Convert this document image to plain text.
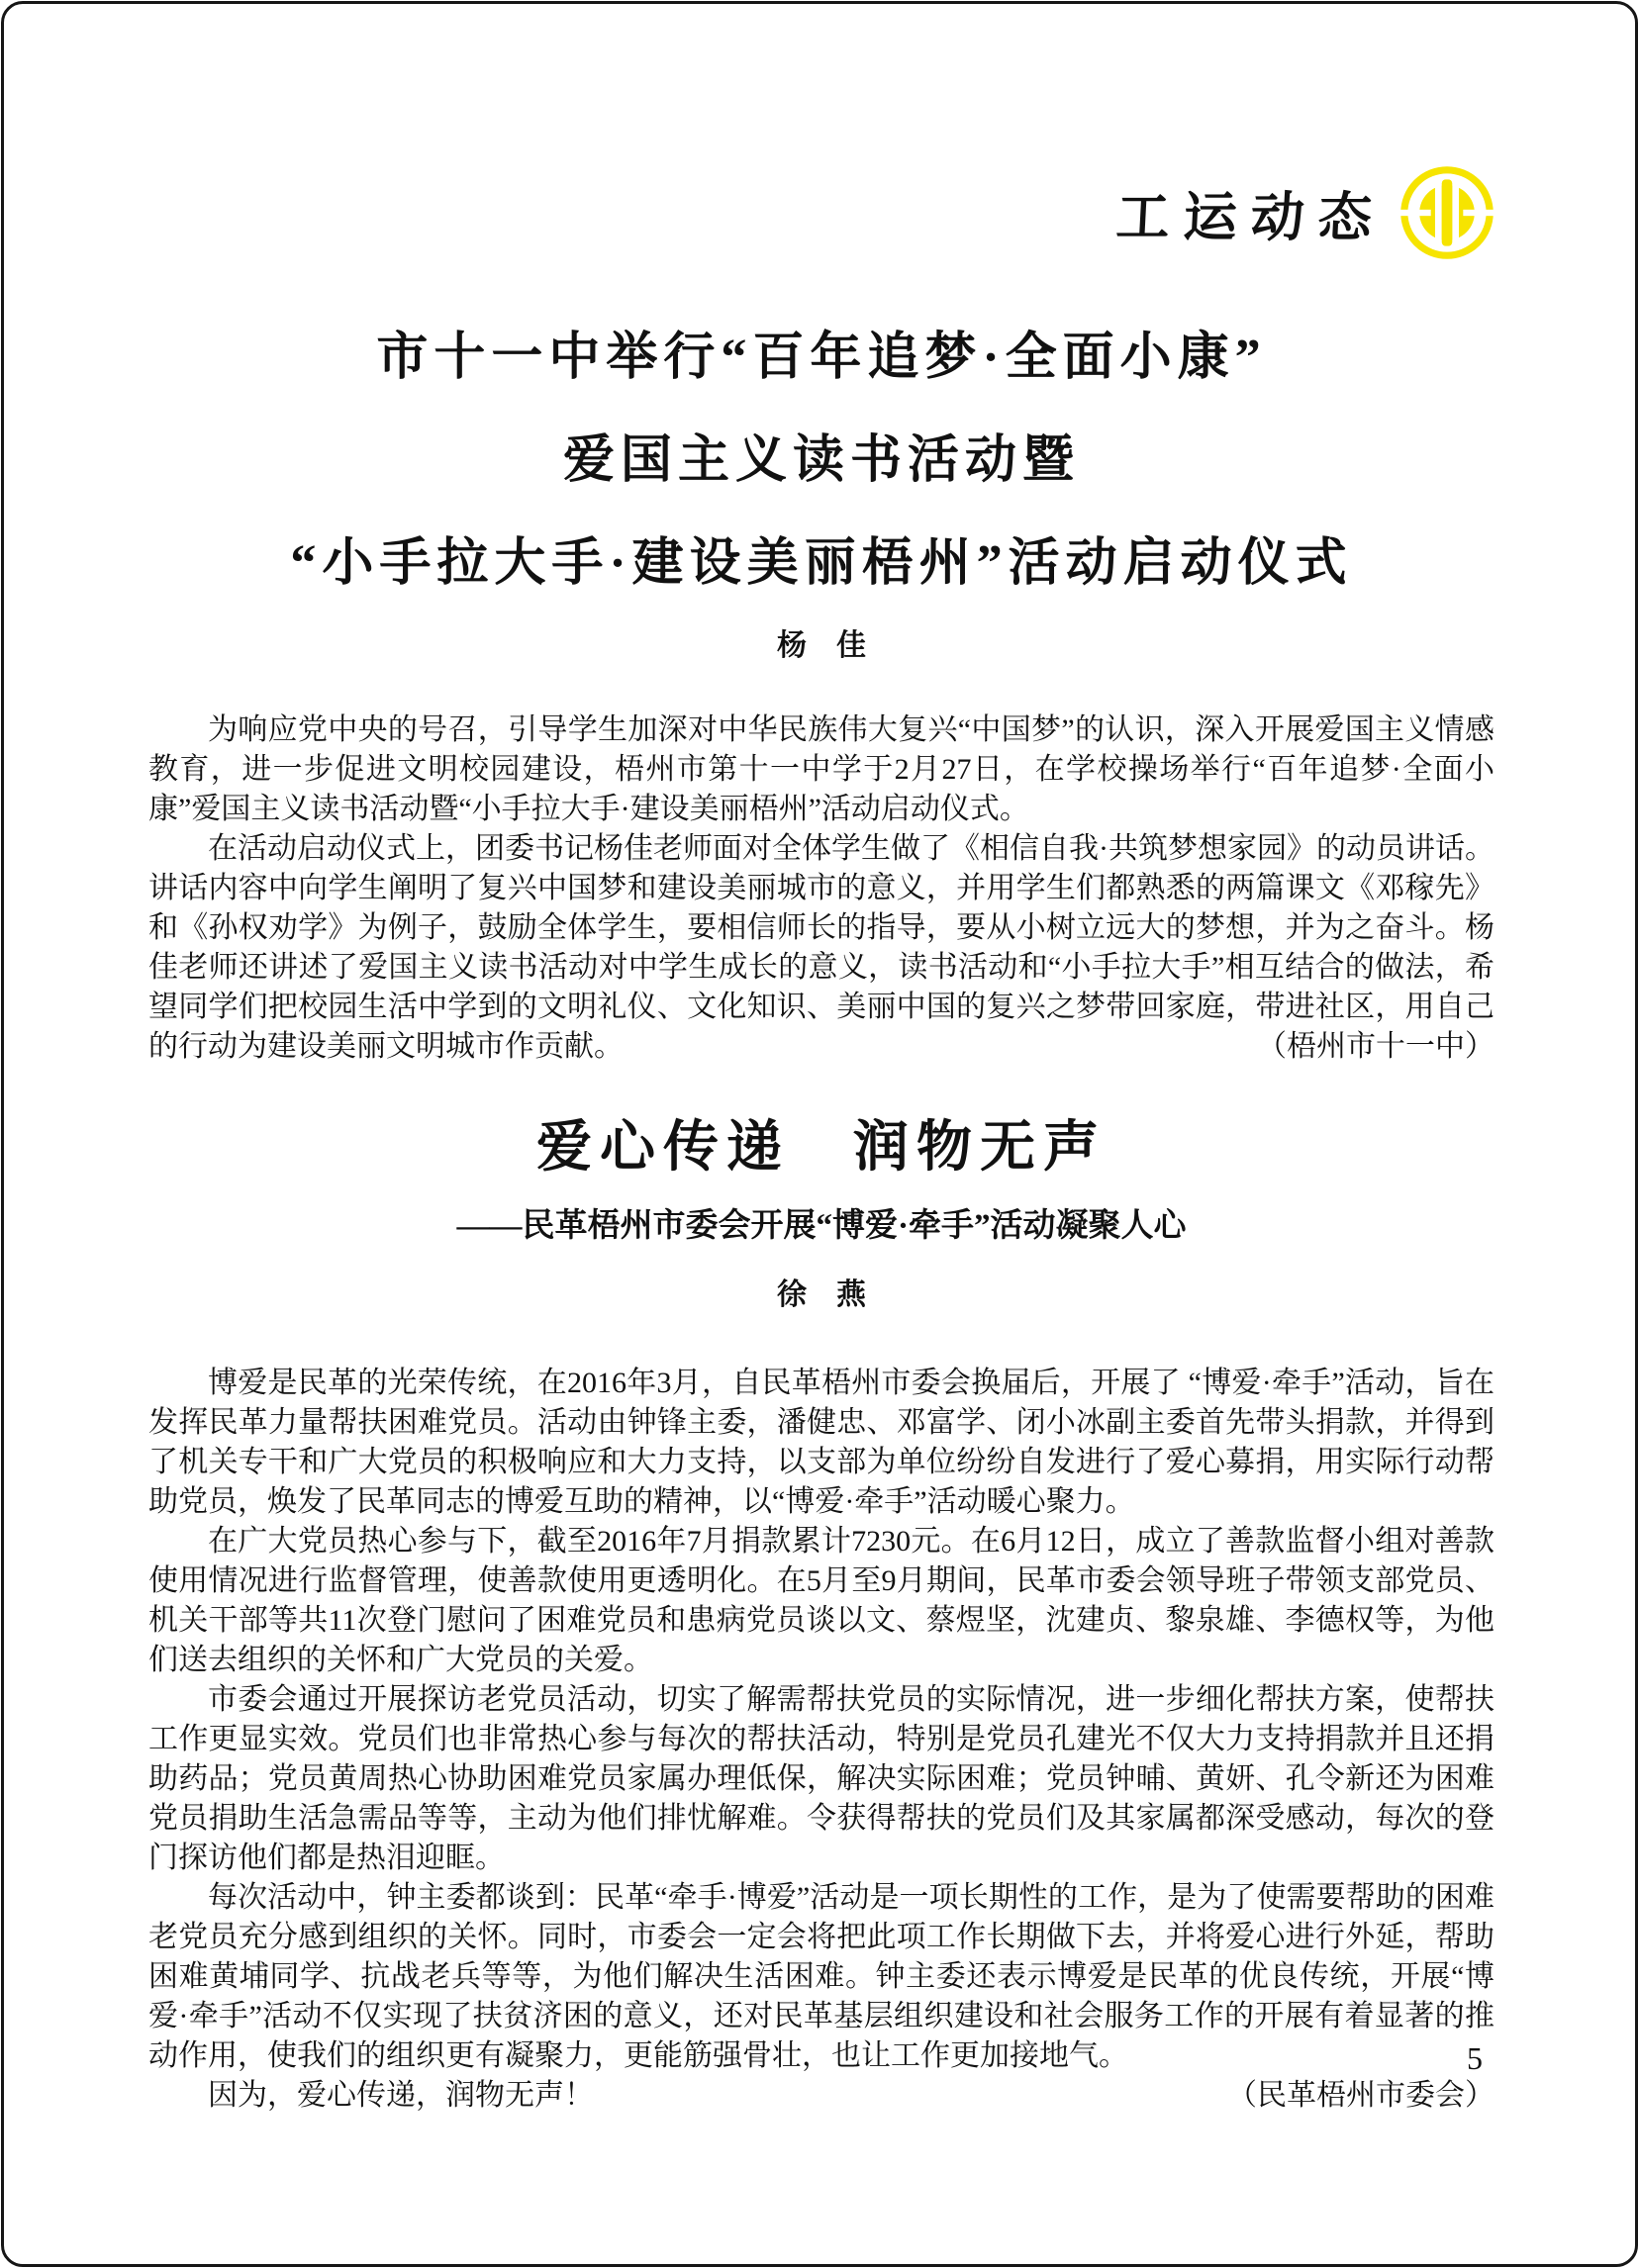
工运动态
市十一中举行“百年追梦·全面小康”
爱国主义读书活动暨
“小手拉大手·建设美丽梧州”活动启动仪式
杨　佳

为响应党中央的号召，引导学生加深对中华民族伟大复兴“中国梦”的认识，深入开展爱国主义情感教育，进一步促进文明校园建设，梧州市第十一中学于2月27日，在学校操场举行“百年追梦·全面小康”爱国主义读书活动暨“小手拉大手·建设美丽梧州”活动启动仪式。

在活动启动仪式上，团委书记杨佳老师面对全体学生做了《相信自我·共筑梦想家园》的动员讲话。讲话内容中向学生阐明了复兴中国梦和建设美丽城市的意义，并用学生们都熟悉的两篇课文《邓稼先》和《孙权劝学》为例子，鼓励全体学生，要相信师长的指导，要从小树立远大的梦想，并为之奋斗。杨佳老师还讲述了爱国主义读书活动对中学生成长的意义，读书活动和“小手拉大手”相互结合的做法，希望同学们把校园生活中学到的文明礼仪、文化知识、美丽中国的复兴之梦带回家庭，带进社区，用自己的行动为建设美丽文明城市作贡献。	（梧州市十一中）

爱心传递　润物无声
——民革梧州市委会开展“博爱·牵手”活动凝聚人心
徐　燕

博爱是民革的光荣传统，在2016年3月，自民革梧州市委会换届后，开展了 “博爱·牵手”活动，旨在发挥民革力量帮扶困难党员。活动由钟锋主委，潘健忠、邓富学、闭小冰副主委首先带头捐款，并得到了机关专干和广大党员的积极响应和大力支持，以支部为单位纷纷自发进行了爱心募捐，用实际行动帮助党员，焕发了民革同志的博爱互助的精神，以“博爱·牵手”活动暖心聚力。

在广大党员热心参与下，截至2016年7月捐款累计7230元。在6月12日，成立了善款监督小组对善款使用情况进行监督管理，使善款使用更透明化。在5月至9月期间，民革市委会领导班子带领支部党员、机关干部等共11次登门慰问了困难党员和患病党员谈以文、蔡煜坚，沈建贞、黎泉雄、李德权等，为他们送去组织的关怀和广大党员的关爱。

市委会通过开展探访老党员活动，切实了解需帮扶党员的实际情况，进一步细化帮扶方案，使帮扶工作更显实效。党员们也非常热心参与每次的帮扶活动，特别是党员孔建光不仅大力支持捐款并且还捐助药品；党员黄周热心协助困难党员家属办理低保，解决实际困难；党员钟晡、黄妍、孔令新还为困难党员捐助生活急需品等等，主动为他们排忧解难。令获得帮扶的党员们及其家属都深受感动，每次的登门探访他们都是热泪迎眶。

每次活动中，钟主委都谈到：民革“牵手·博爱”活动是一项长期性的工作，是为了使需要帮助的困难老党员充分感到组织的关怀。同时，市委会一定会将把此项工作长期做下去，并将爱心进行外延，帮助困难黄埔同学、抗战老兵等等，为他们解决生活困难。钟主委还表示博爱是民革的优良传统，开展“博爱·牵手”活动不仅实现了扶贫济困的意义，还对民革基层组织建设和社会服务工作的开展有着显著的推动作用，使我们的组织更有凝聚力，更能筋强骨壮，也让工作更加接地气。

因为，爱心传递，润物无声！	（民革梧州市委会）

5
